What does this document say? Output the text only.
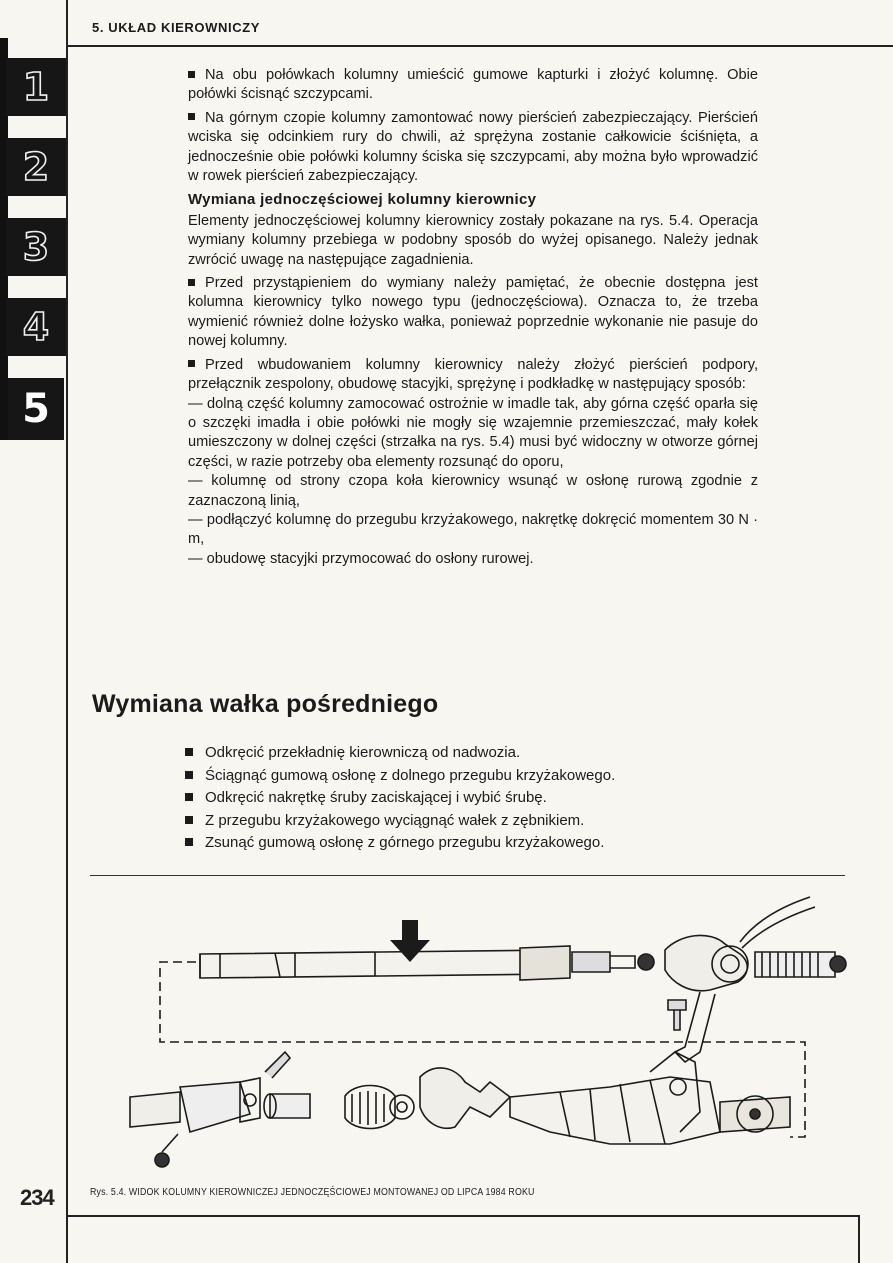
5. UKŁAD KIEROWNICZY
1
2
3
4
5

Na obu połówkach kolumny umieścić gumowe kapturki i złożyć kolumnę. Obie połówki ścisnąć szczypcami.

Na górnym czopie kolumny zamontować nowy pierścień zabezpieczający. Pierścień wciska się odcinkiem rury do chwili, aż sprężyna zostanie całkowicie ściśnięta, a jednocześnie obie połówki kolumny ściska się szczypcami, aby można było wprowadzić w rowek pierścień zabezpieczający.

Wymiana jednoczęściowej kolumny kierownicy

Elementy jednoczęściowej kolumny kierownicy zostały pokazane na rys. 5.4. Operacja wymiany kolumny przebiega w podobny sposób do wyżej opisanego. Należy jednak zwrócić uwagę na następujące zagadnienia.

Przed przystąpieniem do wymiany należy pamiętać, że obecnie dostępna jest kolumna kierownicy tylko nowego typu (jednoczęściowa). Oznacza to, że trzeba wymienić również dolne łożysko wałka, ponieważ poprzednie wykonanie nie pasuje do nowej kolumny.

Przed wbudowaniem kolumny kierownicy należy złożyć pierścień podpory, przełącznik zespolony, obudowę stacyjki, sprężynę i podkładkę w następujący sposób:

— dolną część kolumny zamocować ostrożnie w imadle tak, aby górna część oparła się o szczęki imadła i obie połówki nie mogły się wzajemnie przemieszczać, mały kołek umieszczony w dolnej części (strzałka na rys. 5.4) musi być widoczny w otworze górnej części, w razie potrzeby oba elementy rozsunąć do oporu,

— kolumnę od strony czopa koła kierownicy wsunąć w osłonę rurową zgodnie z zaznaczoną linią,

— podłączyć kolumnę do przegubu krzyżakowego, nakrętkę dokręcić momentem 30 N · m,

— obudowę stacyjki przymocować do osłony rurowej.

Wymiana wałka pośredniego
Odkręcić przekładnię kierowniczą od nadwozia.
Ściągnąć gumową osłonę z dolnego przegubu krzyżakowego.
Odkręcić nakrętkę śruby zaciskającej i wybić śrubę.
Z przegubu krzyżakowego wyciągnąć wałek z zębnikiem.
Zsunąć gumową osłonę z górnego przegubu krzyżakowego.
Rys. 5.4. WIDOK KOLUMNY KIEROWNICZEJ JEDNOCZĘŚCIOWEJ MONTOWANEJ OD LIPCA 1984 ROKU
234
